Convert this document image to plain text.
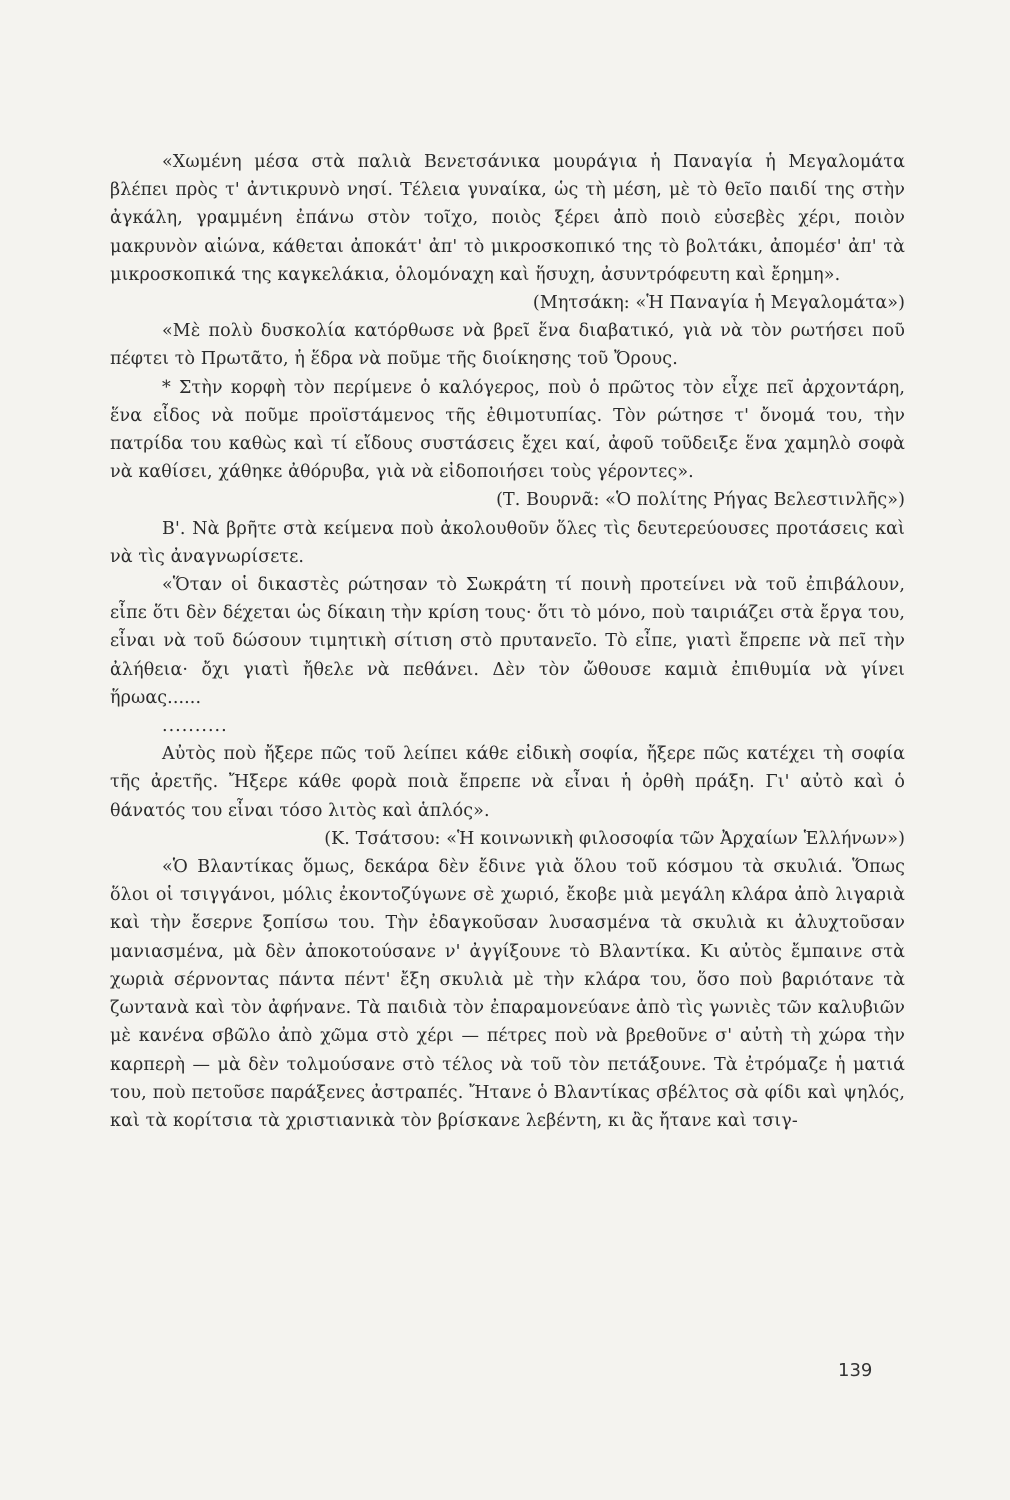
«Χωμένη μέσα στὰ παλιὰ Βενετσάνικα μουράγια ἡ Παναγία ἡ Μεγαλομάτα βλέπει πρὸς τ' ἀντικρυνὸ νησί. Τέλεια γυναίκα, ὡς τὴ μέση, μὲ τὸ θεῖο παιδί της στὴν ἀγκάλη, γραμμένη ἐπάνω στὸν τοῖχο, ποιὸς ξέρει ἀπὸ ποιὸ εὐσεβὲς χέρι, ποιὸν μακρυνὸν αἰώνα, κάθεται ἀποκάτ' ἀπ' τὸ μικροσκοπικό της τὸ βολτάκι, ἀπομέσ' ἀπ' τὰ μικροσκοπικά της καγκελάκια, ὁλομόναχη καὶ ἥσυχη, ἀσυντρόφευτη καὶ ἔρημη».

(Μητσάκη: «Ἡ Παναγία ἡ Μεγαλομάτα»)

«Μὲ πολὺ δυσκολία κατόρθωσε νὰ βρεῖ ἕνα διαβατικό, γιὰ νὰ τὸν ρωτήσει ποῦ πέφτει τὸ Πρωτᾶτο, ἡ ἕδρα νὰ ποῦμε τῆς διοίκησης τοῦ Ὄρους.

* Στὴν κορφὴ τὸν περίμενε ὁ καλόγερος, ποὺ ὁ πρῶτος τὸν εἶχε πεῖ ἀρχοντάρη, ἕνα εἶδος νὰ ποῦμε προϊστάμενος τῆς ἐθιμοτυπίας. Τὸν ρώτησε τ' ὄνομά του, τὴν πατρίδα του καθὼς καὶ τί εἴδους συστάσεις ἔχει καί, ἀφοῦ τοῦδειξε ἕνα χαμηλὸ σοφὰ νὰ καθίσει, χάθηκε ἀθόρυβα, γιὰ νὰ εἰδοποιήσει τοὺς γέροντες».

(Τ. Βουρνᾶ: «Ὁ πολίτης Ρήγας Βελεστινλῆς»)

Β'. Νὰ βρῆτε στὰ κείμενα ποὺ ἀκολουθοῦν ὅλες τὶς δευτερεύουσες προτάσεις καὶ νὰ τὶς ἀναγνωρίσετε.

«Ὅταν οἱ δικαστὲς ρώτησαν τὸ Σωκράτη τί ποινὴ προτείνει νὰ τοῦ ἐπιβάλουν, εἶπε ὅτι δὲν δέχεται ὡς δίκαιη τὴν κρίση τους· ὅτι τὸ μόνο, ποὺ ταιριάζει στὰ ἔργα του, εἶναι νὰ τοῦ δώσουν τιμητικὴ σίτιση στὸ πρυτανεῖο. Τὸ εἶπε, γιατὶ ἔπρεπε νὰ πεῖ τὴν ἀλήθεια· ὄχι γιατὶ ἤθελε νὰ πεθάνει. Δὲν τὸν ὤθουσε καμιὰ ἐπιθυμία νὰ γίνει ἥρωας......

..........

Αὐτὸς ποὺ ἤξερε πῶς τοῦ λείπει κάθε εἰδικὴ σοφία, ἤξερε πῶς κατέχει τὴ σοφία τῆς ἀρετῆς. Ἤξερε κάθε φορὰ ποιὰ ἔπρεπε νὰ εἶναι ἡ ὀρθὴ πράξη. Γι' αὐτὸ καὶ ὁ θάνατός του εἶναι τόσο λιτὸς καὶ ἁπλός».

(Κ. Τσάτσου: «Ἡ κοινωνικὴ φιλοσοφία τῶν Ἀρχαίων Ἑλλήνων»)

«Ὁ Βλαντίκας ὅμως, δεκάρα δὲν ἔδινε γιὰ ὅλου τοῦ κόσμου τὰ σκυλιά. Ὅπως ὅλοι οἱ τσιγγάνοι, μόλις ἐκοντοζύγωνε σὲ χωριό, ἔκοβε μιὰ μεγάλη κλάρα ἀπὸ λιγαριὰ καὶ τὴν ἔσερνε ξοπίσω του. Τὴν ἐδαγκοῦσαν λυσασμένα τὰ σκυλιὰ κι ἀλυχτοῦσαν μανιασμένα, μὰ δὲν ἀποκοτούσανε ν' ἀγγίξουνε τὸ Βλαντίκα. Κι αὐτὸς ἔμπαινε στὰ χωριὰ σέρνοντας πάντα πέντ' ἔξη σκυλιὰ μὲ τὴν κλάρα του, ὅσο ποὺ βαριότανε τὰ ζωντανὰ καὶ τὸν ἀφήνανε. Τὰ παιδιὰ τὸν ἐπαραμονεύανε ἀπὸ τὶς γωνιὲς τῶν καλυβιῶν μὲ κανένα σβῶλο ἀπὸ χῶμα στὸ χέρι — πέτρες ποὺ νὰ βρεθοῦνε σ' αὐτὴ τὴ χώρα τὴν καρπερὴ — μὰ δὲν τολμούσανε στὸ τέλος νὰ τοῦ τὸν πετάξουνε. Τὰ ἐτρόμαζε ἡ ματιά του, ποὺ πετοῦσε παράξενες ἀστραπές. Ἤτανε ὁ Βλαντίκας σβέλτος σὰ φίδι καὶ ψηλός, καὶ τὰ κορίτσια τὰ χριστιανικὰ τὸν βρίσκανε λεβέντη, κι ἂς ἤτανε καὶ τσιγ-

139
